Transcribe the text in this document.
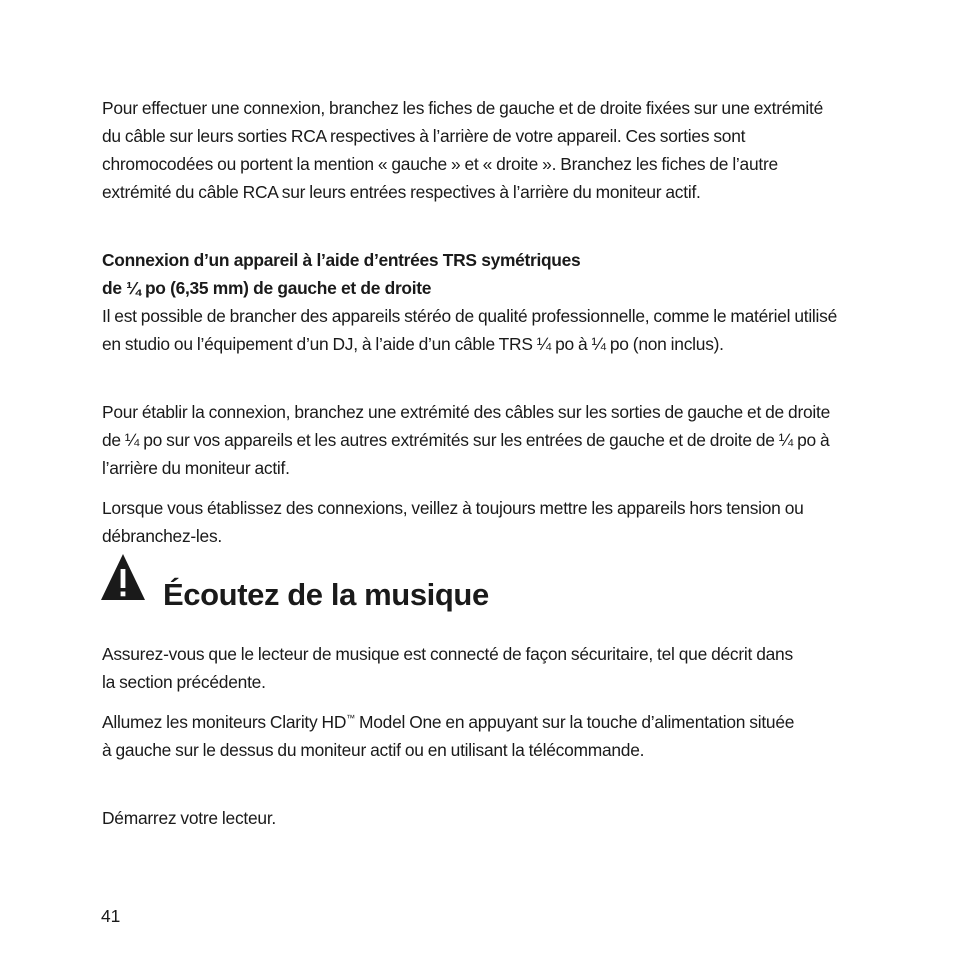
Pour effectuer une connexion, branchez les fiches de gauche et de droite fixées sur une extrémité du câble sur leurs sorties RCA respectives à l’arrière de votre appareil. Ces sorties sont chromocodées ou portent la mention « gauche » et « droite ». Branchez les fiches de l’autre extrémité du câble RCA sur leurs entrées respectives à l’arrière du moniteur actif.

Connexion d’un appareil à l’aide d’entrées TRS symétriques
de ¼ po (6,35 mm) de gauche et de droite

Il est possible de brancher des appareils stéréo de qualité professionnelle, comme le matériel utilisé en studio ou l’équipement d’un DJ, à l’aide d’un câble TRS ¼ po à ¼ po (non inclus).

Pour établir la connexion, branchez une extrémité des câbles sur les sorties de gauche et de droite de ¼ po sur vos appareils et les autres extrémités sur les entrées de gauche et de droite de ¼ po à l’arrière du moniteur actif.

Lorsque vous établissez des connexions, veillez à toujours mettre les appareils hors tension ou débranchez-les.

Écoutez de la musique

Assurez-vous que le lecteur de musique est connecté de façon sécuritaire, tel que décrit dans la section précédente.

Allumez les moniteurs Clarity HD™ Model One en appuyant sur la touche d’alimentation située à gauche sur le dessus du moniteur actif ou en utilisant la télécommande.

Démarrez votre lecteur.

41
